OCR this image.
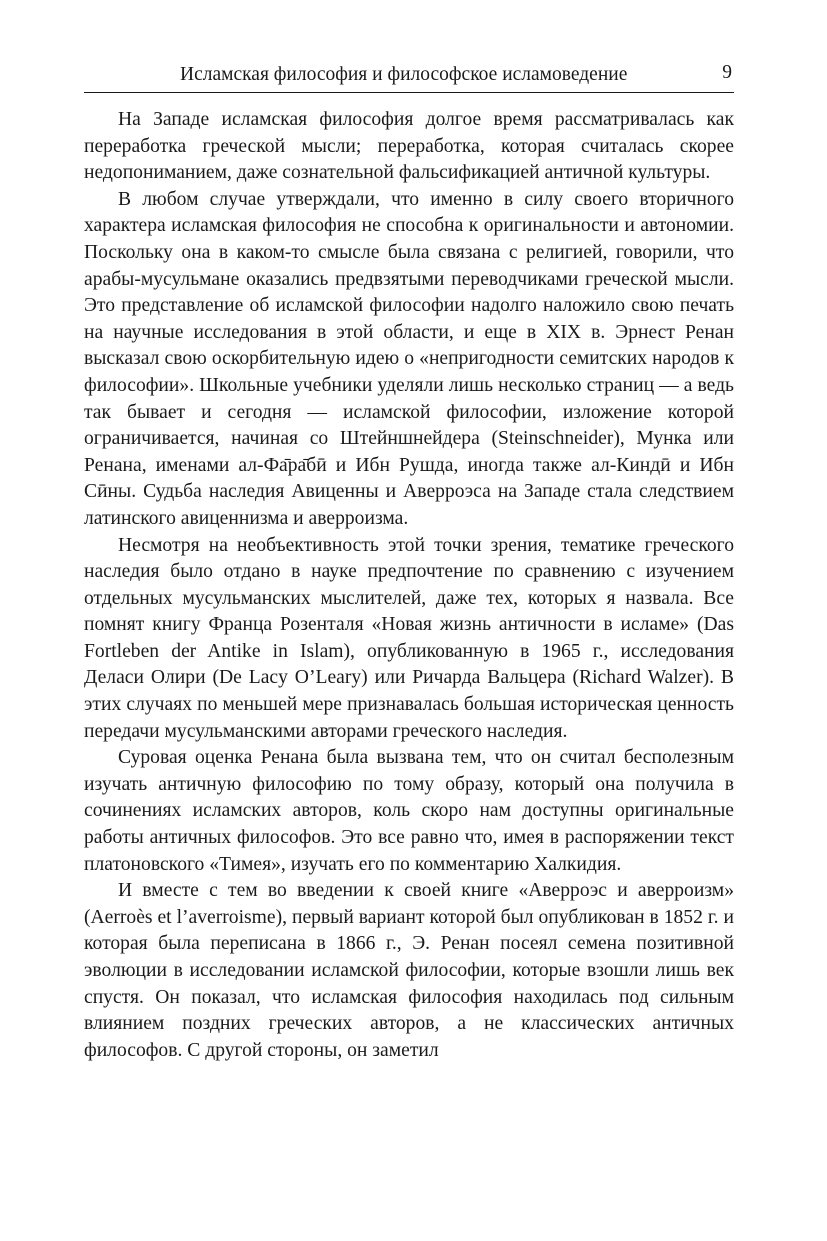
Исламская философия и философское исламоведение	9

На Западе исламская философия долгое время рассматривалась как переработка греческой мысли; переработка, которая считалась скорее недопониманием, даже сознательной фальсификацией античной культуры.

В любом случае утверждали, что именно в силу своего вторичного характера исламская философия не способна к оригинальности и автономии. Поскольку она в каком-то смысле была связана с религией, говорили, что арабы-мусульмане оказались предвзятыми переводчиками греческой мысли. Это представление об исламской философии надолго наложило свою печать на научные исследования в этой области, и еще в XIX в. Эрнест Ренан высказал свою оскорбительную идею о «непригодности семитских народов к философии». Школьные учебники уделяли лишь несколько страниц — а ведь так бывает и сегодня — исламской философии, изложение которой ограничивается, начиная со Штейншнейдера (Steinschneider), Мунка или Ренана, именами ал-Фа̄ра̄бӣ и Ибн Рушда, иногда также ал-Киндӣ и Ибн Сӣны. Судьба наследия Авиценны и Аверроэса на Западе стала следствием латинского авиценнизма и аверроизма.

Несмотря на необъективность этой точки зрения, тематике греческого наследия было отдано в науке предпочтение по сравнению с изучением отдельных мусульманских мыслителей, даже тех, которых я назвала. Все помнят книгу Франца Розенталя «Новая жизнь античности в исламе» (Das Fortleben der Antike in Islam), опубликованную в 1965 г., исследования Деласи Олири (De Lacy O’Leary) или Ричарда Вальцера (Richard Walzer). В этих случаях по меньшей мере признавалась большая историческая ценность передачи мусульманскими авторами греческого наследия.

Суровая оценка Ренана была вызвана тем, что он считал бесполезным изучать античную философию по тому образу, который она получила в сочинениях исламских авторов, коль скоро нам доступны оригинальные работы античных философов. Это все равно что, имея в распоряжении текст платоновского «Тимея», изучать его по комментарию Халкидия.

И вместе с тем во введении к своей книге «Аверроэс и аверроизм» (Aerroès et l’averroisme), первый вариант которой был опубликован в 1852 г. и которая была переписана в 1866 г., Э. Ренан посеял семена позитивной эволюции в исследовании исламской философии, которые взошли лишь век спустя. Он показал, что исламская философия находилась под сильным влиянием поздних греческих авторов, а не классических античных философов. С другой стороны, он заметил
